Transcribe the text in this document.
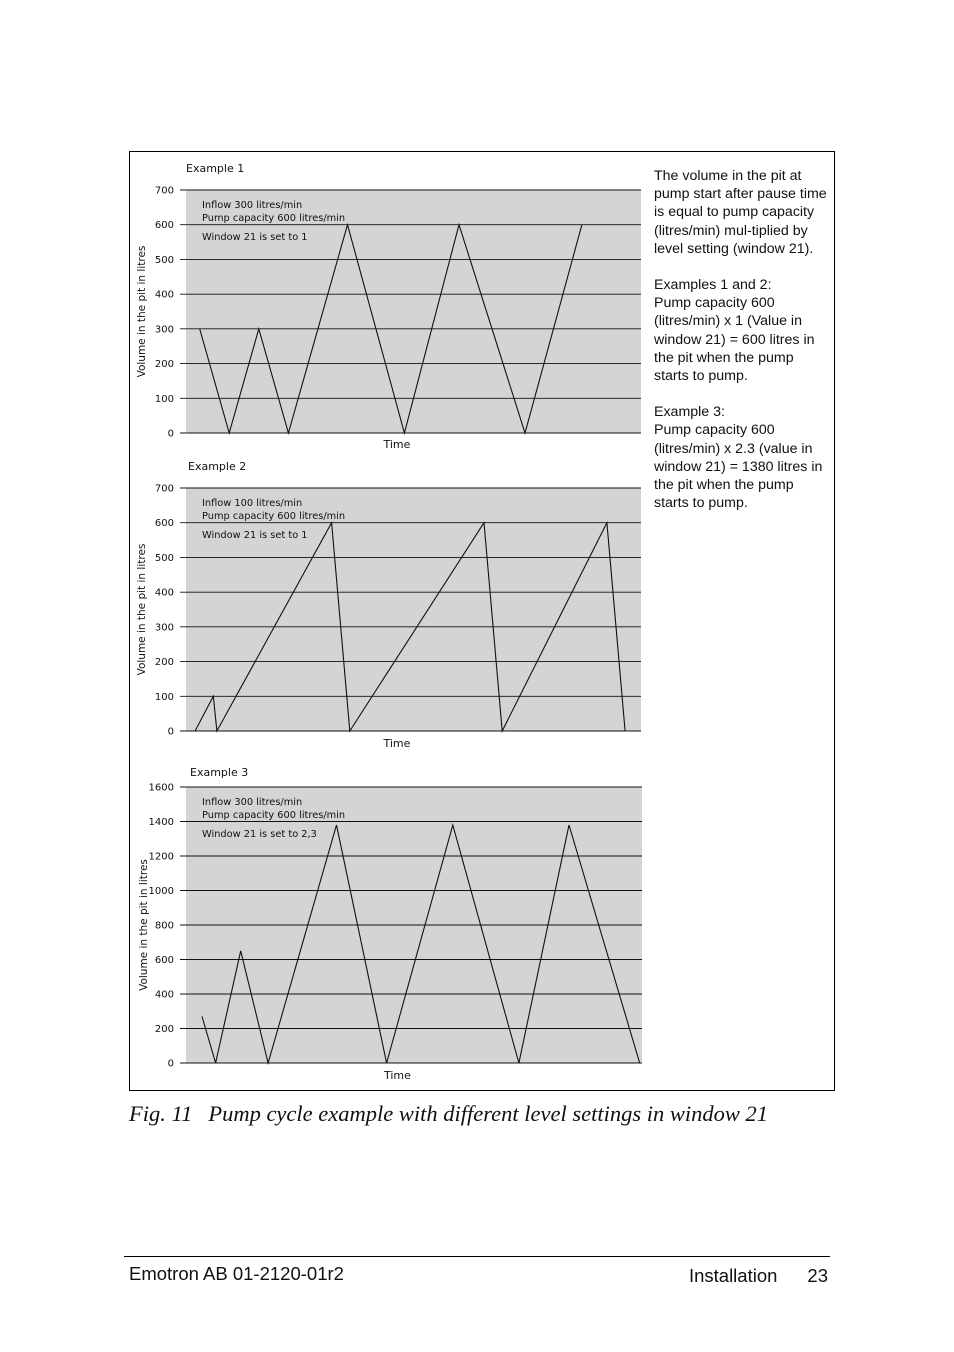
0
100
200
300
400
500
600
700
Example 1
Time
Volume in the pit in litres
Inflow 300 litres/min
Pump capacity 600 litres/min
Window 21 is set to 1
0
100
200
300
400
500
600
700
Example 2
Time
Volume in the pit in litres
Inflow 100 litres/min
Pump capacity 600 litres/min
Window 21 is set to 1
0
200
400
600
800
1000
1200
1400
1600
Example 3
Time
Volume in the pit in litres
Inflow 300 litres/min
Pump capacity 600 litres/min
Window 21 is set to 2,3

The volume in the pit at pump start after pause time is equal to pump capacity (litres/min) mul-tiplied by level setting (window 21).

Examples 1 and 2:
Pump capacity 600 (litres/min) x 1 (Value in window 21) = 600 litres in the pit when the pump starts to pump.

Example 3:
Pump capacity 600 (litres/min) x 2.3 (value in window 21) = 1380 litres in the pit when the pump starts to pump.

Fig. 11 Pump cycle example with different level settings in window 21
Emotron AB 01-2120-01r2	Installation 23
